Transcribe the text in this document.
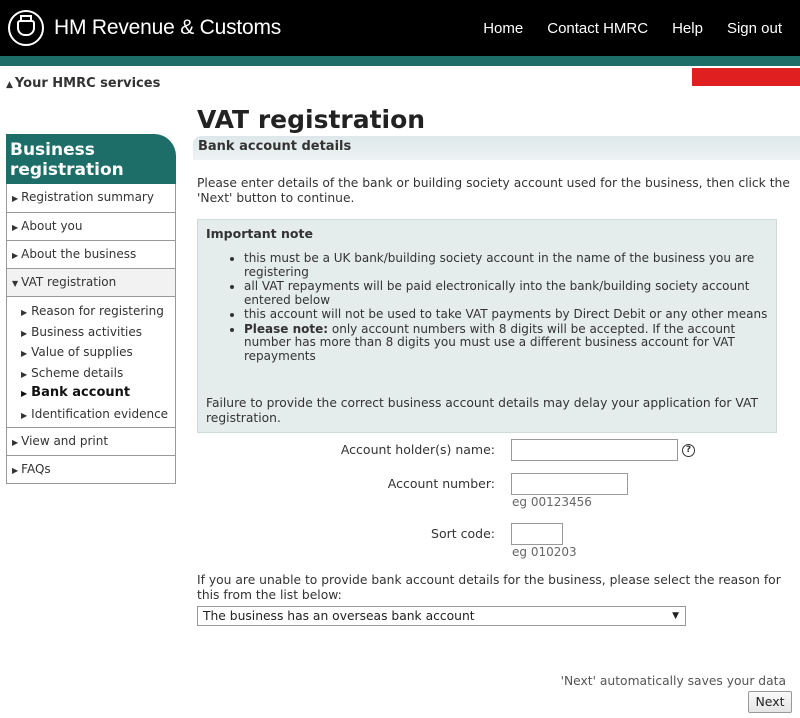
HM Revenue & Customs	Home Contact HMRC Help Sign out
▲ Your HMRC services
Business registration
▶ Registration summary
▶ About you
▶ About the business
▼ VAT registration
▶ Reason for registering
▶ Business activities
▶ Value of supplies
▶ Scheme details
▶ Bank account
▶ Identification evidence
▶ View and print
▶ FAQs
VAT registration
Bank account details

Please enter details of the bank or building society account used for the business, then click the 'Next' button to continue.

Important note
• this must be a UK bank/building society account in the name of the business you are registering
• all VAT repayments will be paid electronically into the bank/building society account entered below
• this account will not be used to take VAT payments by Direct Debit or any other means
• Please note: only account numbers with 8 digits will be accepted. If the account number has more than 8 digits you must use a different business account for VAT repayments

Failure to provide the correct business account details may delay your application for VAT registration.

Account holder(s) name:	?
Account number:
eg 00123456
Sort code:
eg 010203

If you are unable to provide bank account details for the business, please select the reason for this from the list below:

The business has an overseas bank account	▼
'Next' automatically saves your data
Next
